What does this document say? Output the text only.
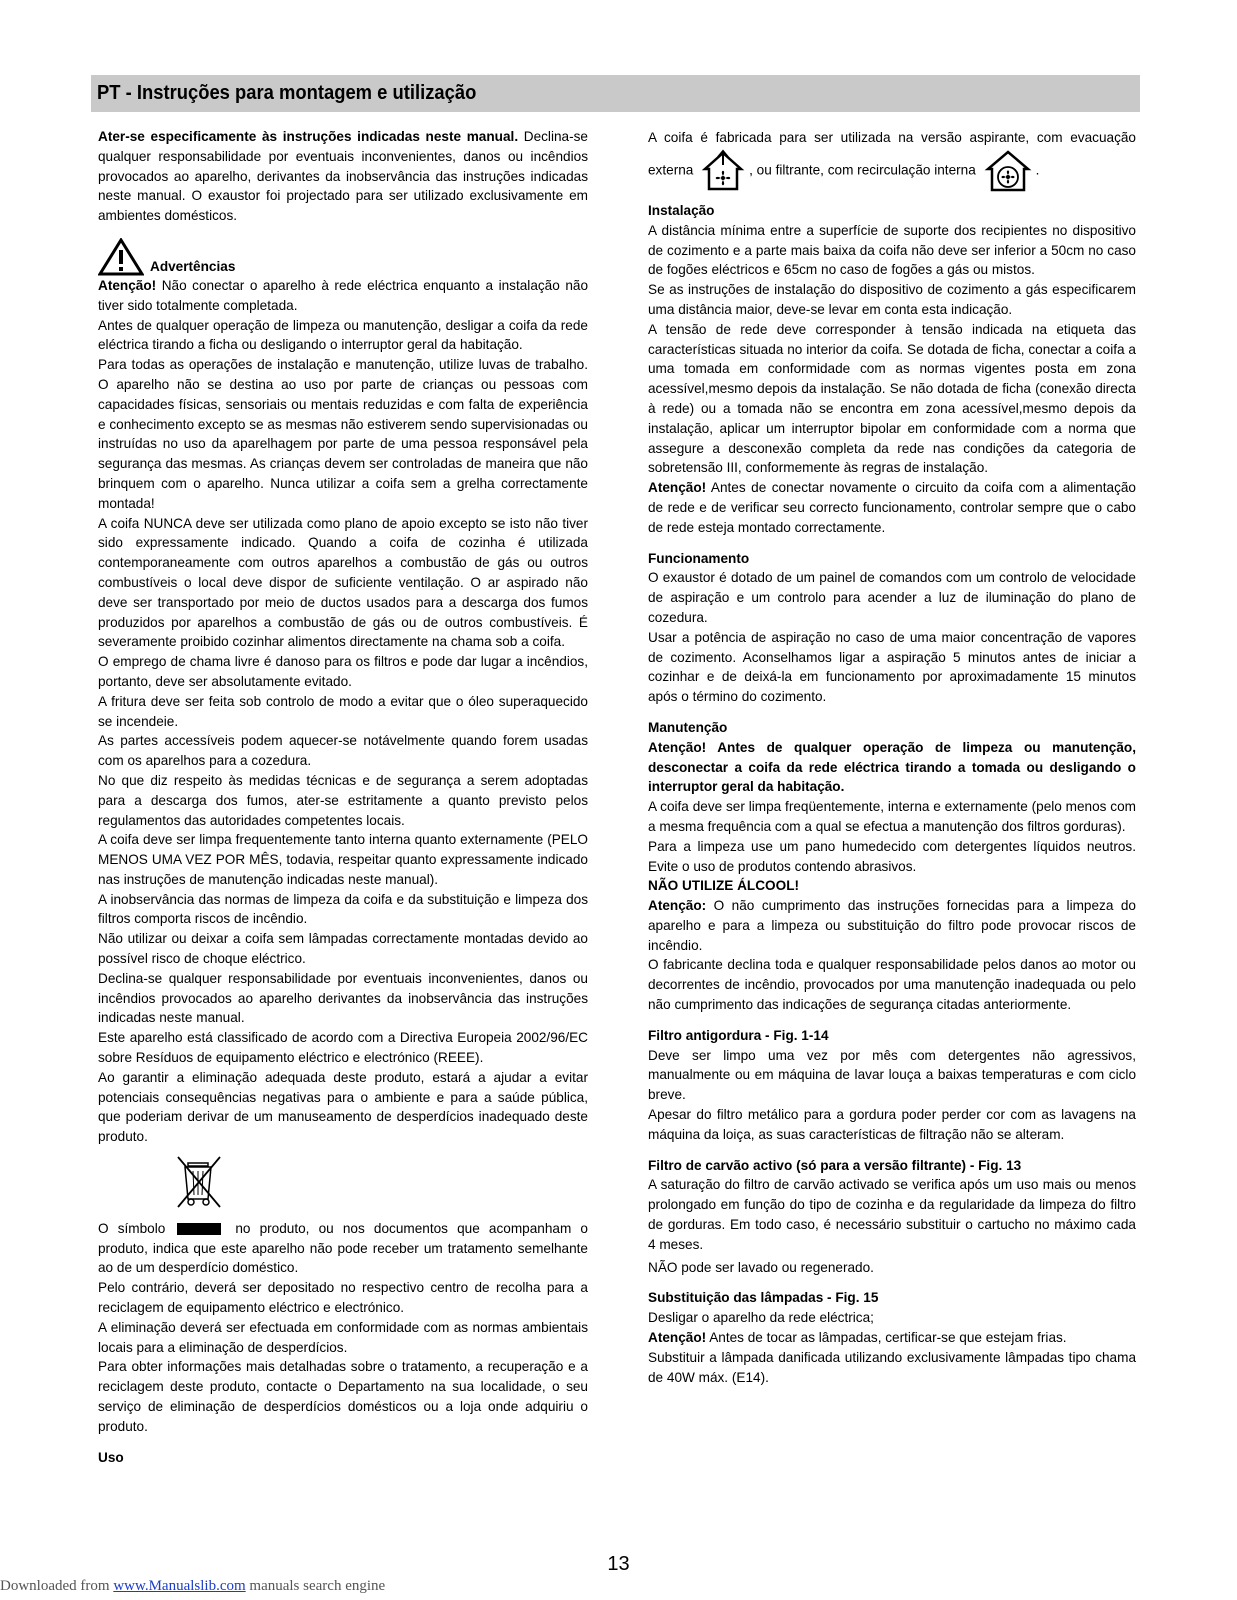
PT - Instruções para montagem e utilização

Ater-se especificamente às instruções indicadas neste manual. Declina-se qualquer responsabilidade por eventuais inconvenientes, danos ou incêndios provocados ao aparelho, derivantes da inobservância das instruções indicadas neste manual. O exaustor foi projectado para ser utilizado exclusivamente em ambientes domésticos.

Advertências

Atenção! Não conectar o aparelho à rede eléctrica enquanto a instalação não tiver sido totalmente completada.

Antes de qualquer operação de limpeza ou manutenção, desligar a coifa da rede eléctrica tirando a ficha ou desligando o interruptor geral da habitação.

Para todas as operações de instalação e manutenção, utilize luvas de trabalho. O aparelho não se destina ao uso por parte de crianças ou pessoas com capacidades físicas, sensoriais ou mentais reduzidas e com falta de experiência e conhecimento excepto se as mesmas não estiverem sendo supervisionadas ou instruídas no uso da aparelhagem por parte de uma pessoa responsável pela segurança das mesmas. As crianças devem ser controladas de maneira que não brinquem com o aparelho. Nunca utilizar a coifa sem a grelha correctamente montada!

A coifa NUNCA deve ser utilizada como plano de apoio excepto se isto não tiver sido expressamente indicado. Quando a coifa de cozinha é utilizada contemporaneamente com outros aparelhos a combustão de gás ou outros combustíveis o local deve dispor de suficiente ventilação. O ar aspirado não deve ser transportado por meio de ductos usados para a descarga dos fumos produzidos por aparelhos a combustão de gás ou de outros combustíveis. É severamente proibido cozinhar alimentos directamente na chama sob a coifa.

O emprego de chama livre é danoso para os filtros e pode dar lugar a incêndios, portanto, deve ser absolutamente evitado.

A fritura deve ser feita sob controlo de modo a evitar que o óleo superaquecido se incendeie.

As partes accessíveis podem aquecer-se notávelmente quando forem usadas com os aparelhos para a cozedura.

No que diz respeito às medidas técnicas e de segurança a serem adoptadas para a descarga dos fumos, ater-se estritamente a quanto previsto pelos regulamentos das autoridades competentes locais.

A coifa deve ser limpa frequentemente tanto interna quanto externamente (PELO MENOS UMA VEZ POR MÊS, todavia, respeitar quanto expressamente indicado nas instruções de manutenção indicadas neste manual).

A inobservância das normas de limpeza da coifa e da substituição e limpeza dos filtros comporta riscos de incêndio.

Não utilizar ou deixar a coifa sem lâmpadas correctamente montadas devido ao possível risco de choque eléctrico.

Declina-se qualquer responsabilidade por eventuais inconvenientes, danos ou incêndios provocados ao aparelho derivantes da inobservância das instruções indicadas neste manual.

Este aparelho está classificado de acordo com a Directiva Europeia 2002/96/EC sobre Resíduos de equipamento eléctrico e electrónico (REEE).

Ao garantir a eliminação adequada deste produto, estará a ajudar a evitar potenciais consequências negativas para o ambiente e para a saúde pública, que poderiam derivar de um manuseamento de desperdícios inadequado deste produto.

O símbolo	no produto, ou nos documentos que acompanham o produto, indica que este aparelho não pode receber um tratamento semelhante ao de um desperdício doméstico.

Pelo contrário, deverá ser depositado no respectivo centro de recolha para a reciclagem de equipamento eléctrico e electrónico.

A eliminação deverá ser efectuada em conformidade com as normas ambientais locais para a eliminação de desperdícios.

Para obter informações mais detalhadas sobre o tratamento, a recuperação e a reciclagem deste produto, contacte o Departamento na sua localidade, o seu serviço de eliminação de desperdícios domésticos ou a loja onde adquiriu o produto.

Uso

A coifa é fabricada para ser utilizada na versão aspirante, com evacuação externa	, ou filtrante, com recirculação interna	.

Instalação

A distância mínima entre a superfície de suporte dos recipientes no dispositivo de cozimento e a parte mais baixa da coifa não deve ser inferior a 50cm no caso de fogões eléctricos e 65cm no caso de fogões a gás ou mistos.

Se as instruções de instalação do dispositivo de cozimento a gás especificarem uma distância maior, deve-se levar em conta esta indicação.

A tensão de rede deve corresponder à tensão indicada na etiqueta das características situada no interior da coifa. Se dotada de ficha, conectar a coifa a uma tomada em conformidade com as normas vigentes posta em zona acessível,mesmo depois da instalação. Se não dotada de ficha (conexão directa à rede) ou a tomada não se encontra em zona acessível,mesmo depois da instalação, aplicar um interruptor bipolar em conformidade com a norma que assegure a desconexão completa da rede nas condições da categoria de sobretensão III, conformemente às regras de instalação.

Atenção! Antes de conectar novamente o circuito da coifa com a alimentação de rede e de verificar seu correcto funcionamento, controlar sempre que o cabo de rede esteja montado correctamente.

Funcionamento

O exaustor é dotado de um painel de comandos com um controlo de velocidade de aspiração e um controlo para acender a luz de iluminação do plano de cozedura.

Usar a potência de aspiração no caso de uma maior concentração de vapores de cozimento. Aconselhamos ligar a aspiração 5 minutos antes de iniciar a cozinhar e de deixá-la em funcionamento por aproximadamente 15 minutos após o término do cozimento.

Manutenção

Atenção! Antes de qualquer operação de limpeza ou manutenção, desconectar a coifa da rede eléctrica tirando a tomada ou desligando o interruptor geral da habitação.

A coifa deve ser limpa freqüentemente, interna e externamente (pelo menos com a mesma frequência com a qual se efectua a manutenção dos filtros gorduras).

Para a limpeza use um pano humedecido com detergentes líquidos neutros. Evite o uso de produtos contendo abrasivos.

NÃO UTILIZE ÁLCOOL!

Atenção: O não cumprimento das instruções fornecidas para a limpeza do aparelho e para a limpeza ou substituição do filtro pode provocar riscos de incêndio.

O fabricante declina toda e qualquer responsabilidade pelos danos ao motor ou decorrentes de incêndio, provocados por uma manutenção inadequada ou pelo não cumprimento das indicações de segurança citadas anteriormente.

Filtro antigordura - Fig. 1-14

Deve ser limpo uma vez por mês com detergentes não agressivos, manualmente ou em máquina de lavar louça a baixas temperaturas e com ciclo breve.

Apesar do filtro metálico para a gordura poder perder cor com as lavagens na máquina da loiça, as suas características de filtração não se alteram.

Filtro de carvão activo (só para a versão filtrante) - Fig. 13

A saturação do filtro de carvão activado se verifica após um uso mais ou menos prolongado em função do tipo de cozinha e da regularidade da limpeza do filtro de gorduras. Em todo caso, é necessário substituir o cartucho no máximo cada 4 meses.

NÃO pode ser lavado ou regenerado.

Substituição das lâmpadas - Fig. 15

Desligar o aparelho da rede eléctrica;

Atenção! Antes de tocar as lâmpadas, certificar-se que estejam frias.

Substituir a lâmpada danificada utilizando exclusivamente lâmpadas tipo chama de 40W máx. (E14).

13
Downloaded from www.Manualslib.com manuals search engine
